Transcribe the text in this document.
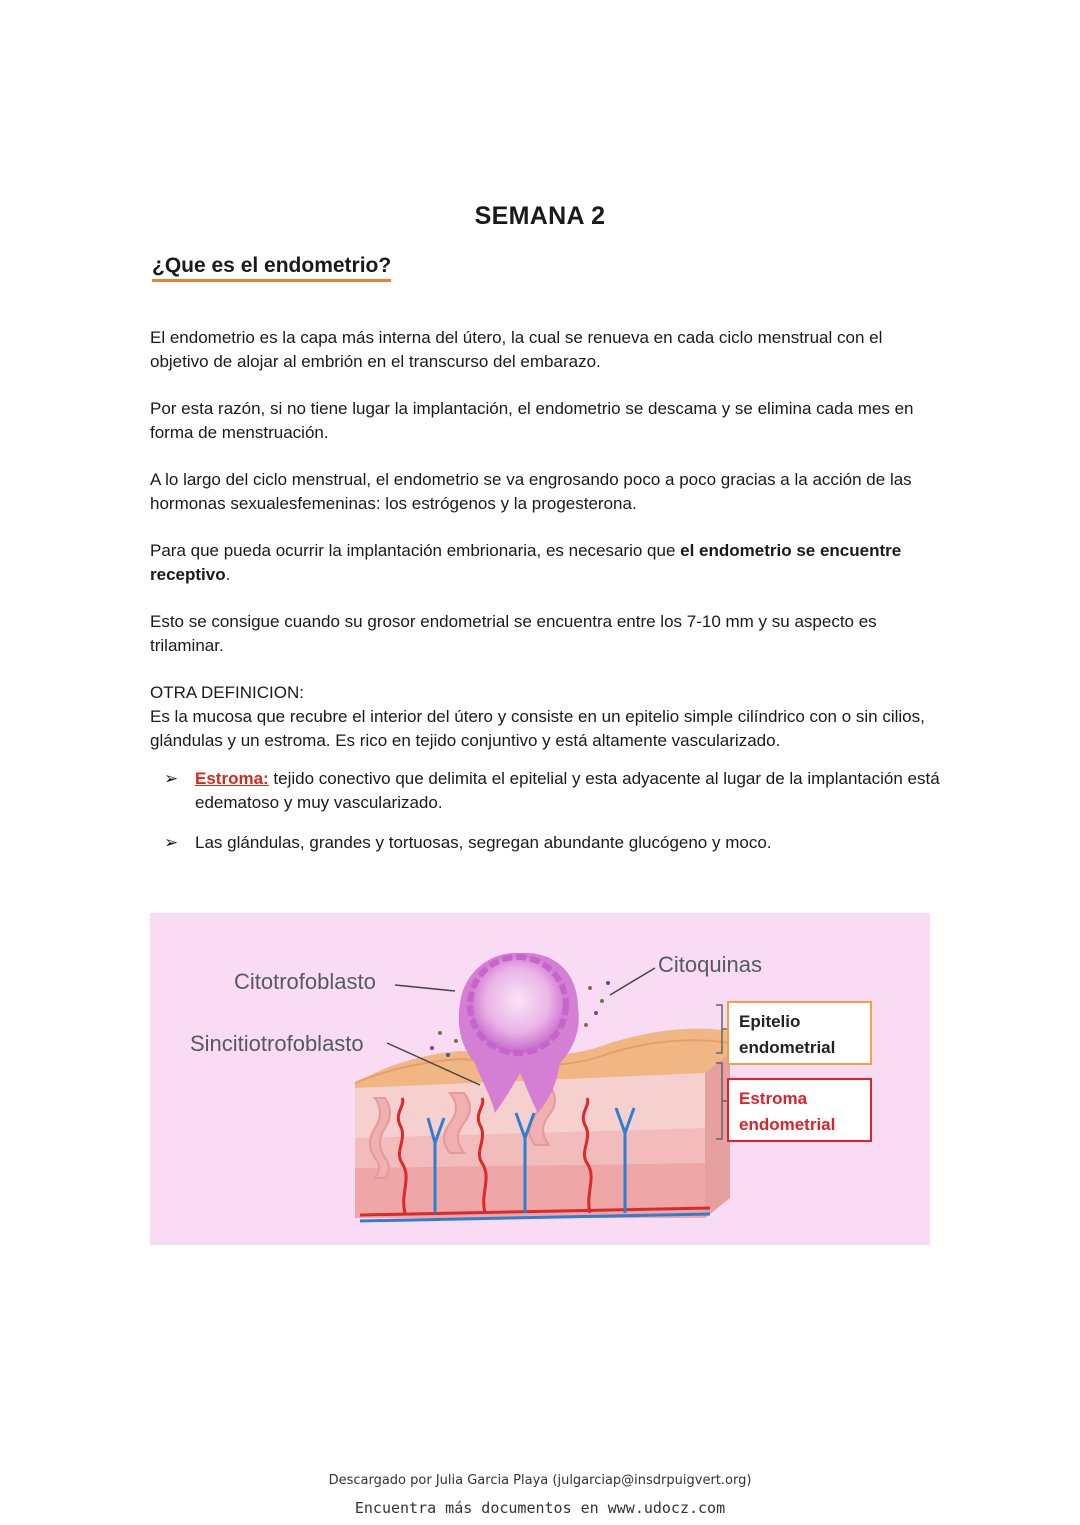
SEMANA 2
¿Que es el endometrio?

El endometrio es la capa más interna del útero, la cual se renueva en cada ciclo menstrual con el objetivo de alojar al embrión en el transcurso del embarazo.

Por esta razón, si no tiene lugar la implantación, el endometrio se descama y se elimina cada mes en forma de menstruación.

A lo largo del ciclo menstrual, el endometrio se va engrosando poco a poco gracias a la acción de las hormonas sexualesfemeninas: los estrógenos y la progesterona.

Para que pueda ocurrir la implantación embrionaria, es necesario que el endometrio se encuentre receptivo.

Esto se consigue cuando su grosor endometrial se encuentra entre los 7-10 mm y su aspecto es trilaminar.

OTRA DEFINICION:

Es la mucosa que recubre el interior del útero y consiste en un epitelio simple cilíndrico con o sin cilios, glándulas y un estroma. Es rico en tejido conjuntivo y está altamente vascularizado.

➢ Estroma: tejido conectivo que delimita el epitelial y esta adyacente al lugar de la implantación está edematoso y muy vascularizado.
➢ Las glándulas, grandes y tortuosas, segregan abundante glucógeno y moco.
Citotrofoblasto
Sincitiotrofoblasto
Citoquinas
Epitelio
endometrial
Estroma
endometrial
Descargado por Julia Garcia Playa (julgarciap@insdrpuigvert.org)
Encuentra más documentos en www.udocz.com
